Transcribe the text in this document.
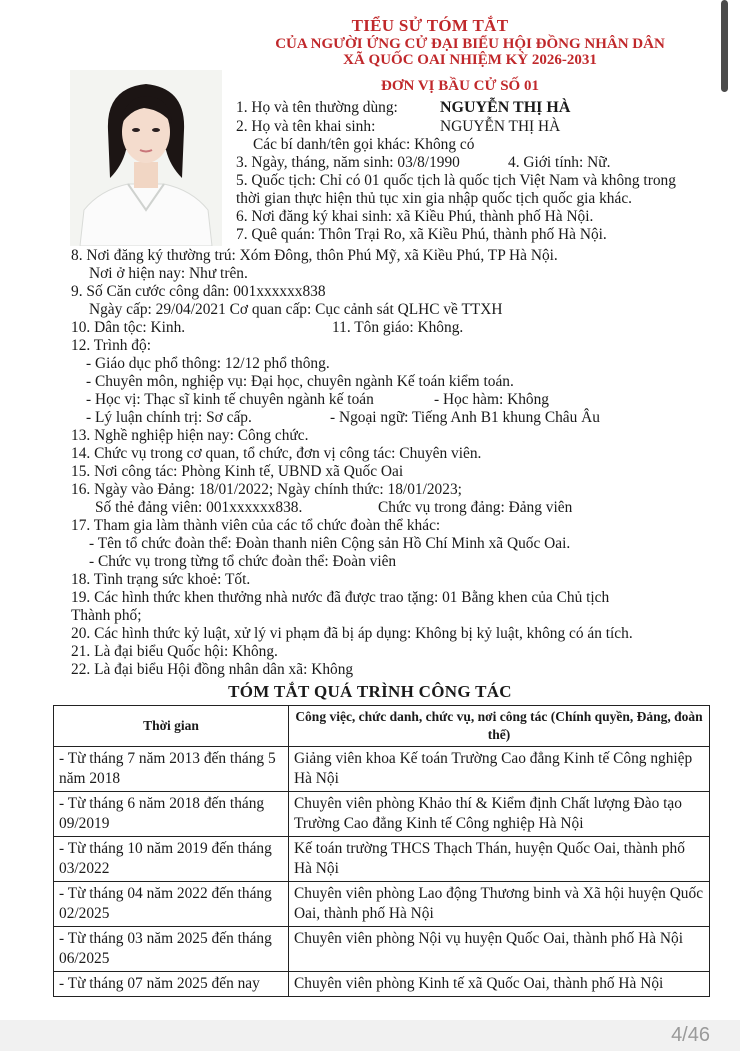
TIỂU SỬ TÓM TẮT
CỦA NGƯỜI ỨNG CỬ ĐẠI BIỂU HỘI ĐỒNG NHÂN DÂN
XÃ QUỐC OAI NHIỆM KỲ 2026-2031
ĐƠN VỊ BẦU CỬ SỐ 01
1. Họ và tên thường dùng:	NGUYỄN THỊ HÀ
2. Họ và tên khai sinh:	NGUYỄN THỊ HÀ
Các bí danh/tên gọi khác: Không có
3. Ngày, tháng, năm sinh: 03/8/1990	4. Giới tính: Nữ.
5. Quốc tịch: Chỉ có 01 quốc tịch là quốc tịch Việt Nam và không trong
thời gian thực hiện thủ tục xin gia nhập quốc tịch quốc gia khác.
6. Nơi đăng ký khai sinh: xã Kiều Phú, thành phố Hà Nội.
7. Quê quán: Thôn Trại Ro, xã Kiều Phú, thành phố Hà Nội.
8. Nơi đăng ký thường trú: Xóm Đông, thôn Phú Mỹ, xã Kiều Phú, TP Hà Nội.
Nơi ở hiện nay: Như trên.
9. Số Căn cước công dân: 001xxxxxx838
Ngày cấp: 29/04/2021 Cơ quan cấp: Cục cảnh sát QLHC về TTXH
10. Dân tộc: Kinh.	11. Tôn giáo: Không.
12. Trình độ:
- Giáo dục phổ thông: 12/12 phổ thông.
- Chuyên môn, nghiệp vụ: Đại học, chuyên ngành Kế toán kiểm toán.
- Học vị: Thạc sĩ kinh tế chuyên ngành kế toán	- Học hàm: Không
- Lý luận chính trị: Sơ cấp.	- Ngoại ngữ: Tiếng Anh B1 khung Châu Âu
13. Nghề nghiệp hiện nay: Công chức.
14. Chức vụ trong cơ quan, tổ chức, đơn vị công tác: Chuyên viên.
15. Nơi công tác: Phòng Kinh tế, UBND xã Quốc Oai
16. Ngày vào Đảng: 18/01/2022; Ngày chính thức: 18/01/2023;
Số thẻ đảng viên: 001xxxxxx838.	Chức vụ trong đảng: Đảng viên
17. Tham gia làm thành viên của các tổ chức đoàn thể khác:
- Tên tổ chức đoàn thể: Đoàn thanh niên Cộng sản Hồ Chí Minh xã Quốc Oai.
- Chức vụ trong từng tổ chức đoàn thể: Đoàn viên
18. Tình trạng sức khoẻ: Tốt.
19. Các hình thức khen thưởng nhà nước đã được trao tặng: 01 Bằng khen của Chủ tịch
Thành phố;
20. Các hình thức kỷ luật, xử lý vi phạm đã bị áp dụng: Không bị kỷ luật, không có án tích.
21. Là đại biểu Quốc hội: Không.
22. Là đại biểu Hội đồng nhân dân xã: Không
TÓM TẮT QUÁ TRÌNH CÔNG TÁC
Thời gian	Công việc, chức danh, chức vụ, nơi công tác (Chính quyền, Đảng, đoàn thể)
- Từ tháng 7 năm 2013 đến tháng 5 năm 2018	Giảng viên khoa Kế toán Trường Cao đẳng Kinh tế Công nghiệp Hà Nội
- Từ tháng 6 năm 2018 đến tháng 09/2019	Chuyên viên phòng Khảo thí & Kiểm định Chất lượng Đào tạo Trường Cao đẳng Kinh tế Công nghiệp Hà Nội
- Từ tháng 10 năm 2019 đến tháng 03/2022	Kế toán trường THCS Thạch Thán, huyện Quốc Oai, thành phố Hà Nội
- Từ tháng 04 năm 2022 đến tháng 02/2025	Chuyên viên phòng Lao động Thương binh và Xã hội huyện Quốc Oai, thành phố Hà Nội
- Từ tháng 03 năm 2025 đến tháng 06/2025	Chuyên viên phòng Nội vụ huyện Quốc Oai, thành phố Hà Nội
- Từ tháng 07 năm 2025 đến nay	Chuyên viên phòng Kinh tế xã Quốc Oai, thành phố Hà Nội
4/46
